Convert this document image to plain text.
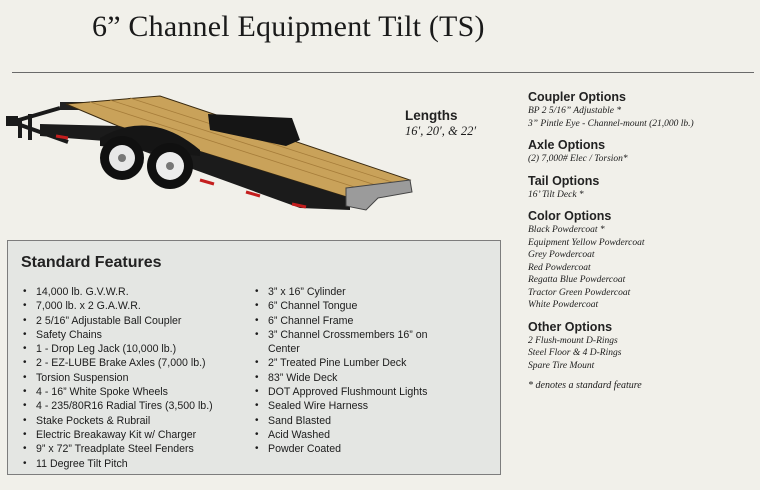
6” Channel Equipment Tilt (TS)
Lengths
16′, 20′, & 22′
Coupler Options
BP 2 5/16” Adjustable *
3” Pintle Eye - Channel-mount (21,000 lb.)
Axle Options
(2) 7,000# Elec / Torsion*
Tail Options
16’ Tilt Deck *
Color Options
Black Powdercoat *
Equipment Yellow Powdercoat
Grey Powdercoat
Red Powdercoat
Regatta Blue Powdercoat
Tractor Green Powdercoat
White Powdercoat
Other Options
2 Flush-mount D-Rings
Steel Floor & 4 D-Rings
Spare Tire Mount
* denotes a standard feature
Standard Features
• 14,000 lb. G.V.W.R.
• 7,000 lb. x 2 G.A.W.R.
• 2 5/16” Adjustable Ball Coupler
• Safety Chains
• 1 - Drop Leg Jack (10,000 lb.)
• 2 - EZ-LUBE Brake Axles (7,000 lb.)
• Torsion Suspension
• 4 - 16” White Spoke Wheels
• 4 - 235/80R16 Radial Tires (3,500 lb.)
• Stake Pockets & Rubrail
• Electric Breakaway Kit w/ Charger
• 9” x 72” Treadplate Steel Fenders
• 11 Degree Tilt Pitch
• 3” x 16” Cylinder
• 6” Channel Tongue
• 6” Channel Frame
• 3” Channel Crossmembers 16” on Center
• 2” Treated Pine Lumber Deck
• 83” Wide Deck
• DOT Approved Flushmount Lights
• Sealed Wire Harness
• Sand Blasted
• Acid Washed
• Powder Coated
